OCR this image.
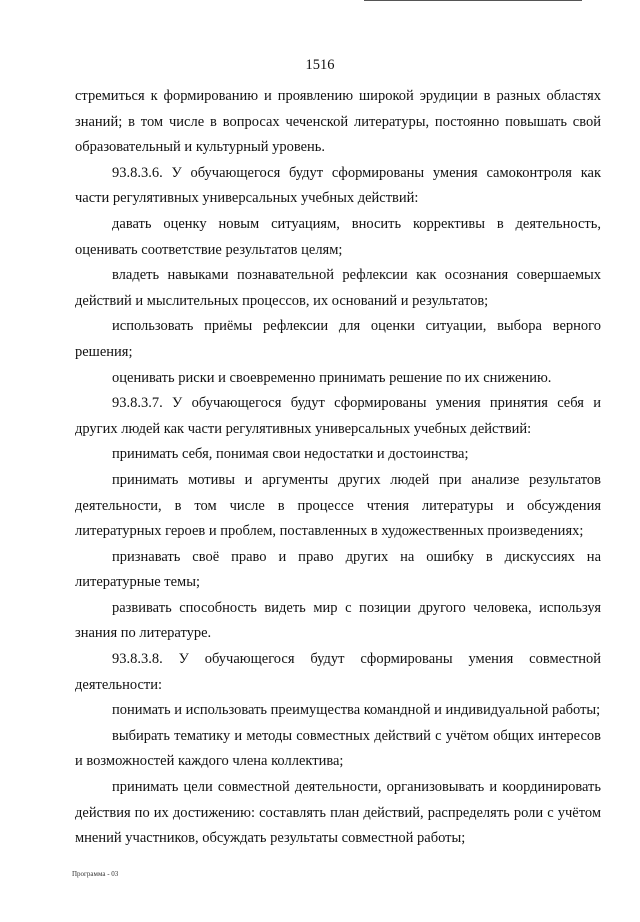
1516

стремиться к формированию и проявлению широкой эрудиции в разных областях знаний; в том числе в вопросах чеченской литературы, постоянно повышать свой образовательный и культурный уровень.

93.8.3.6. У обучающегося будут сформированы умения самоконтроля как части регулятивных универсальных учебных действий:

давать оценку новым ситуациям, вносить коррективы в деятельность, оценивать соответствие результатов целям;

владеть навыками познавательной рефлексии как осознания совершаемых действий и мыслительных процессов, их оснований и результатов;

использовать приёмы рефлексии для оценки ситуации, выбора верного решения;

оценивать риски и своевременно принимать решение по их снижению.

93.8.3.7. У обучающегося будут сформированы умения принятия себя и других людей как части регулятивных универсальных учебных действий:

принимать себя, понимая свои недостатки и достоинства;

принимать мотивы и аргументы других людей при анализе результатов деятельности, в том числе в процессе чтения литературы и обсуждения литературных героев и проблем, поставленных в художественных произведениях;

признавать своё право и право других на ошибку в дискуссиях на литературные темы;

развивать способность видеть мир с позиции другого человека, используя знания по литературе.

93.8.3.8. У обучающегося будут сформированы умения совместной деятельности:

понимать и использовать преимущества командной и индивидуальной работы;

выбирать тематику и методы совместных действий с учётом общих интересов и возможностей каждого члена коллектива;

принимать цели совместной деятельности, организовывать и координировать действия по их достижению: составлять план действий, распределять роли с учётом мнений участников, обсуждать результаты совместной работы;

Программа - 03
